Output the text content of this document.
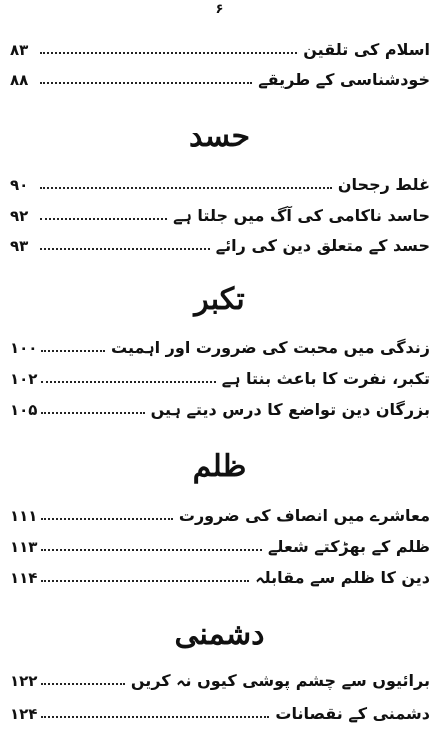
۶
اسلام کی تلقین
۸۳
خودشناسی کے طریقے
۸۸
حسد
غلط رجحان
۹۰
حاسد ناکامی کی آگ میں جلتا ہے
۹۲
حسد کے متعلق دین کی رائے
۹۳
تکبر
زندگی میں محبت کی ضرورت اور اہمیت
۱۰۰
تکبر، نفرت کا باعث بنتا ہے
۱۰۲
بزرگان دین تواضع کا درس دیتے ہیں
۱۰۵
ظلم
معاشرے میں انصاف کی ضرورت
۱۱۱
ظلم کے بھڑکتے شعلے
۱۱۳
دین کا ظلم سے مقابلہ
۱۱۴
دشمنی
برائیوں سے چشم پوشی کیوں نہ کریں
۱۲۲
دشمنی کے نقصانات
۱۲۴
